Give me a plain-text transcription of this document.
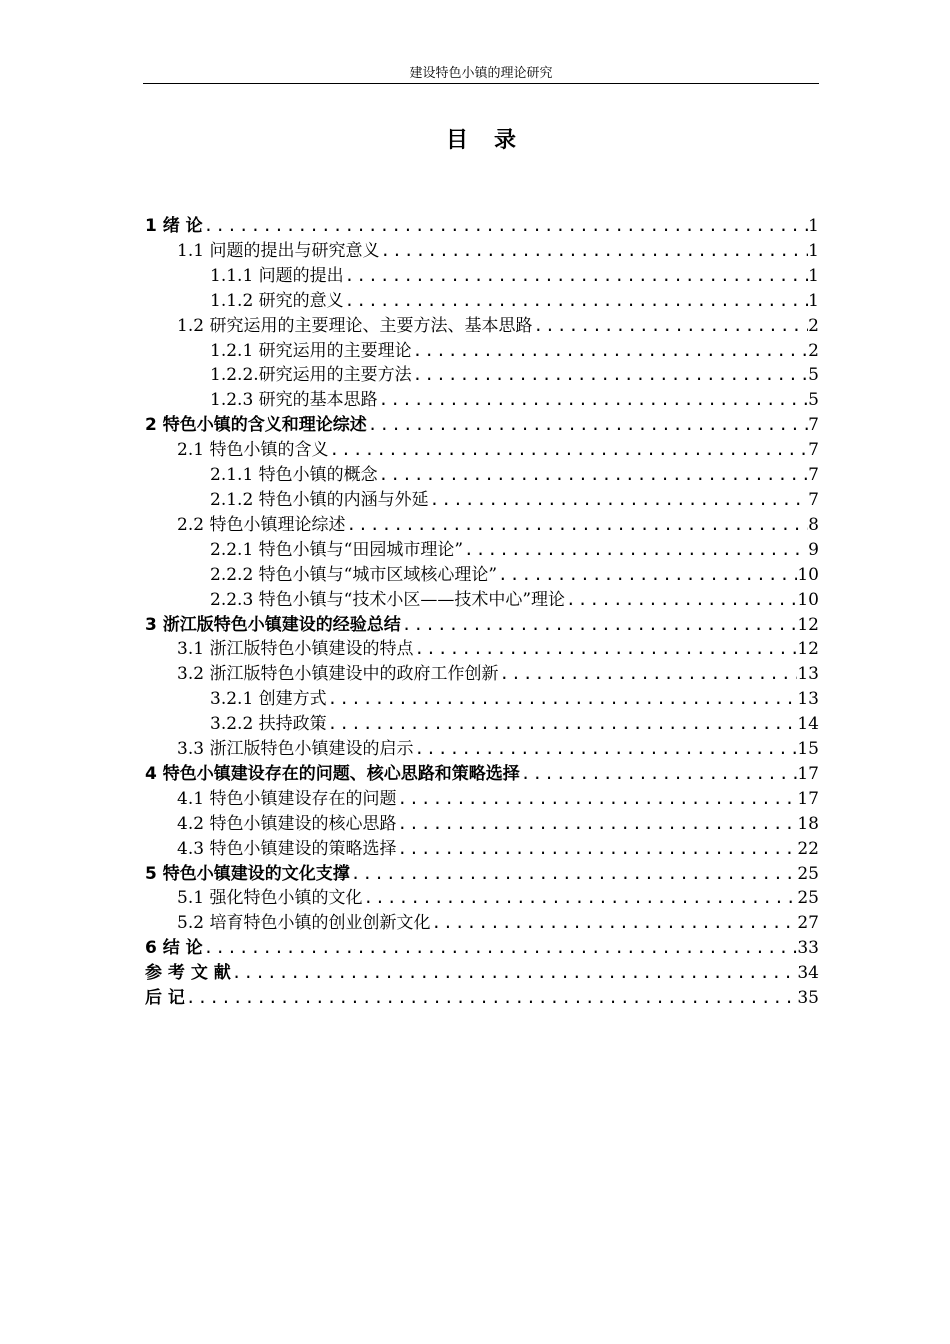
建设特色小镇的理论研究
目录
1 绪 论 .....	1
1.1 问题的提出与研究意义 .....	1
1.1.1 问题的提出 .....	1
1.1.2 研究的意义 .....	1
1.2 研究运用的主要理论、主要方法、基本思路 .....	2
1.2.1 研究运用的主要理论 .....	2
1.2.2.研究运用的主要方法 .....	5
1.2.3 研究的基本思路 .....	5
2 特色小镇的含义和理论综述 .....	7
2.1 特色小镇的含义 .....	7
2.1.1 特色小镇的概念 .....	7
2.1.2 特色小镇的内涵与外延 .....	7
2.2 特色小镇理论综述 .....	8
2.2.1 特色小镇与“田园城市理论” .....	9
2.2.2 特色小镇与“城市区域核心理论” .....	10
2.2.3 特色小镇与“技术小区——技术中心”理论 .....	10
3 浙江版特色小镇建设的经验总结 .....	12
3.1 浙江版特色小镇建设的特点 .....	12
3.2 浙江版特色小镇建设中的政府工作创新 .....	13
3.2.1 创建方式 .....	13
3.2.2 扶持政策 .....	14
3.3 浙江版特色小镇建设的启示 .....	15
4 特色小镇建设存在的问题、核心思路和策略选择 .....	17
4.1 特色小镇建设存在的问题 .....	17
4.2 特色小镇建设的核心思路 .....	18
4.3 特色小镇建设的策略选择 .....	22
5 特色小镇建设的文化支撑 .....	25
5.1 强化特色小镇的文化 .....	25
5.2 培育特色小镇的创业创新文化 .....	27
6 结 论 .....	33
参 考 文 献 .....	34
后 记 .....	35
